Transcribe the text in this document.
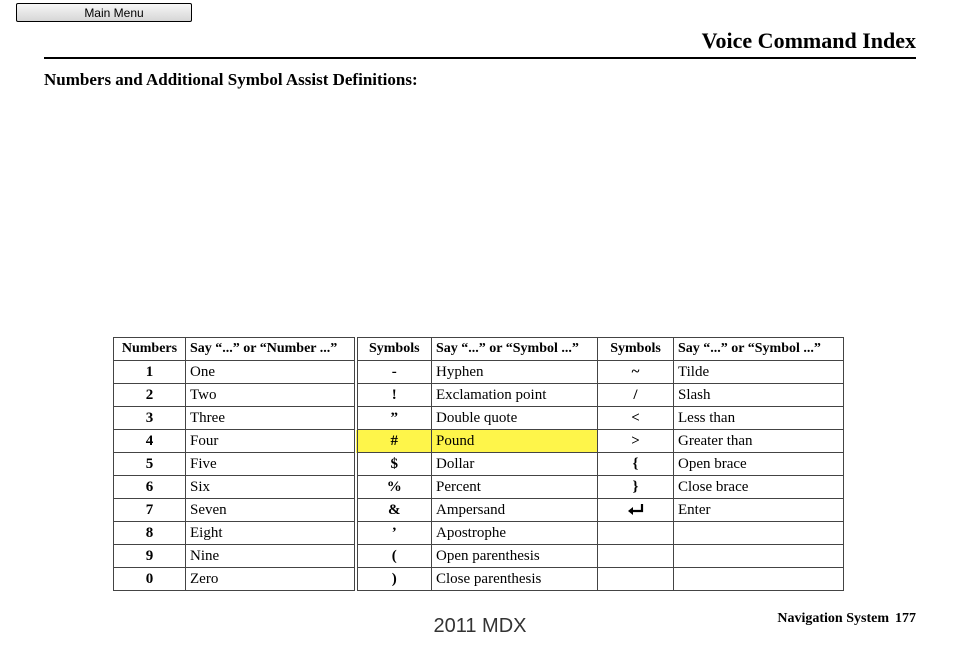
Main Menu
Voice Command Index
Numbers and Additional Symbol Assist Definitions:
Numbers	Say “...” or “Number ...”	Symbols	Say “...” or “Symbol ...”	Symbols	Say “...” or “Symbol ...”
1	One	-	Hyphen	~	Tilde
2	Two	!	Exclamation point	/	Slash
3	Three	”	Double quote	<	Less than
4	Four	#	Pound	>	Greater than
5	Five	$	Dollar	{	Open brace
6	Six	%	Percent	}	Close brace
7	Seven	&	Ampersand		Enter
8	Eight	’	Apostrophe		
9	Nine	(	Open parenthesis		
0	Zero	)	Close parenthesis		
Navigation System 177
2011 MDX
